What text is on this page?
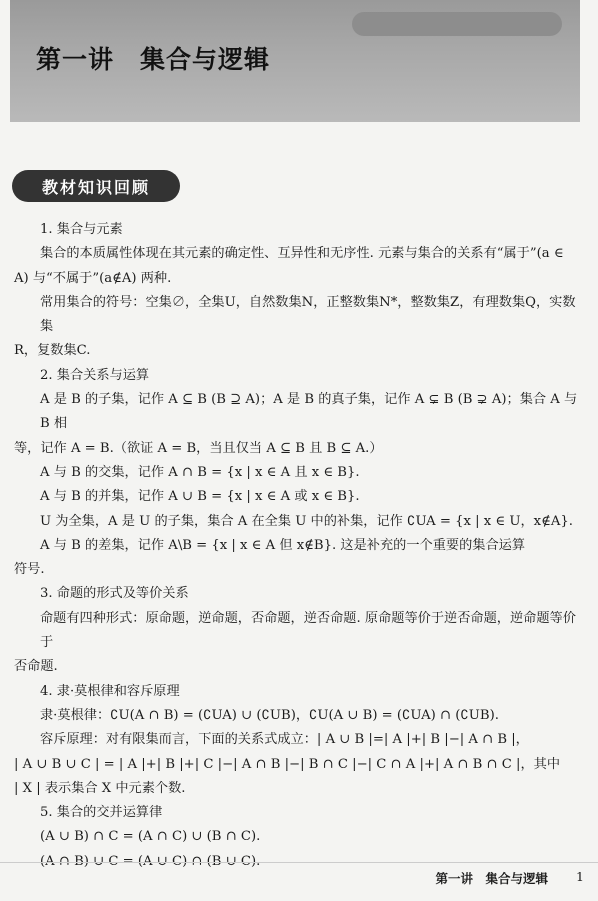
第一讲　集合与逻辑
教材知识回顾

1. 集合与元素

集合的本质属性体现在其元素的确定性、互异性和无序性. 元素与集合的关系有“属于”(a ∈

A) 与“不属于”(a∉A) 两种.

常用集合的符号：空集∅，全集U，自然数集N，正整数集N*，整数集Z，有理数集Q，实数集

R，复数集C.

2. 集合关系与运算

A 是 B 的子集，记作 A ⊆ B (B ⊇ A)；A 是 B 的真子集，记作 A ⊊ B (B ⊋ A)；集合 A 与 B 相

等，记作 A = B.（欲证 A = B，当且仅当 A ⊆ B 且 B ⊆ A.）

A 与 B 的交集，记作 A ∩ B = {x | x ∈ A 且 x ∈ B}.

A 与 B 的并集，记作 A ∪ B = {x | x ∈ A 或 x ∈ B}.

U 为全集，A 是 U 的子集，集合 A 在全集 U 中的补集，记作 ∁UA = {x | x ∈ U，x∉A}.

A 与 B 的差集，记作 A\B = {x | x ∈ A 但 x∉B}. 这是补充的一个重要的集合运算

符号.

3. 命题的形式及等价关系

命题有四种形式：原命题，逆命题，否命题，逆否命题. 原命题等价于逆否命题，逆命题等价于

否命题.

4. 隶·莫根律和容斥原理

隶·莫根律：∁U(A ∩ B) = (∁UA) ∪ (∁UB)，∁U(A ∪ B) = (∁UA) ∩ (∁UB).

容斥原理：对有限集而言，下面的关系式成立：| A ∪ B |=| A |+| B |−| A ∩ B |，

| A ∪ B ∪ C | = | A |+| B |+| C |−| A ∩ B |−| B ∩ C |−| C ∩ A |+| A ∩ B ∩ C |，其中

| X | 表示集合 X 中元素个数.

5. 集合的交并运算律

(A ∪ B) ∩ C = (A ∩ C) ∪ (B ∩ C).

(A ∩ B) ∪ C = (A ∪ C) ∩ (B ∪ C).

第一讲　集合与逻辑 1
